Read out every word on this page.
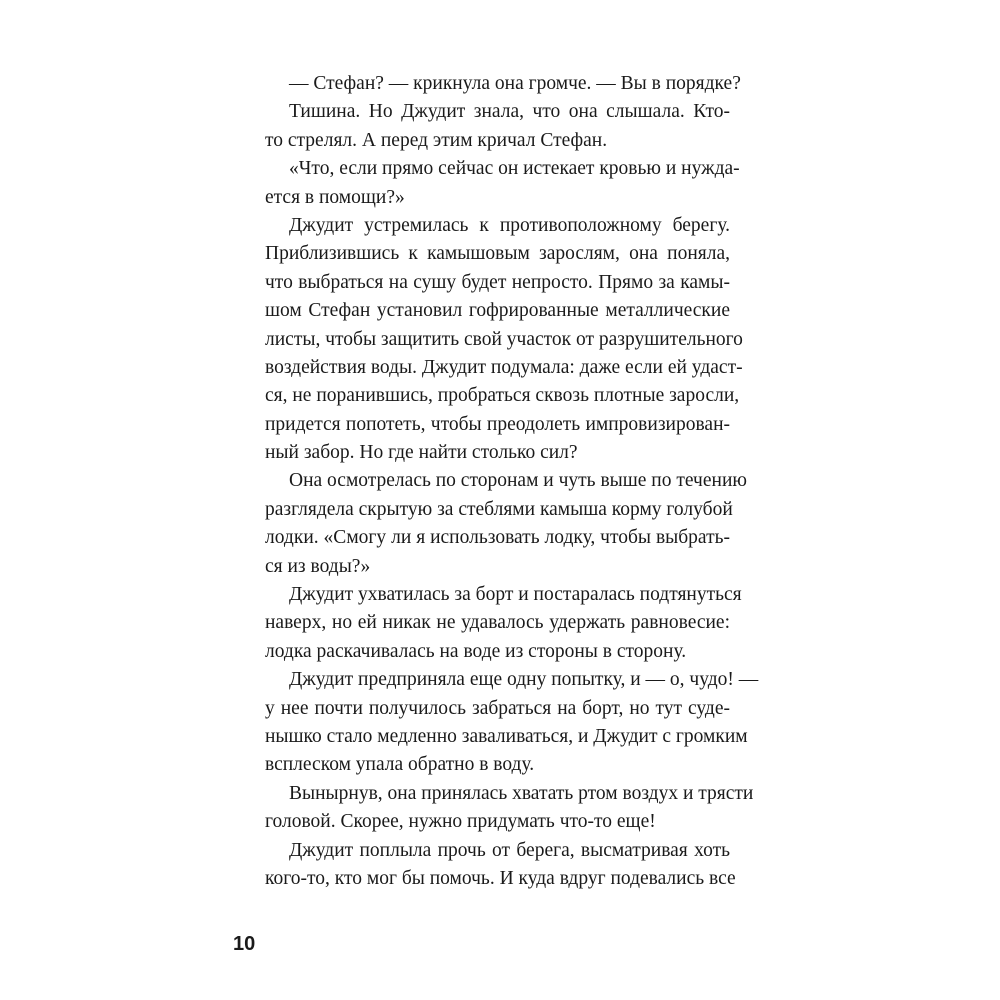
— Стефан? — крикнула она громче. — Вы в порядке?
Тишина. Но Джудит знала, что она слышала. Кто-
то стрелял. А перед этим кричал Стефан.
«Что, если прямо сейчас он истекает кровью и нужда-
ется в помощи?»
Джудит устремилась к противоположному берегу.
Приблизившись к камышовым зарослям, она поняла,
что выбраться на сушу будет непросто. Прямо за камы-
шом Стефан установил гофрированные металлические
листы, чтобы защитить свой участок от разрушительного
воздействия воды. Джудит подумала: даже если ей удаст-
ся, не поранившись, пробраться сквозь плотные заросли,
придется попотеть, чтобы преодолеть импровизирован-
ный забор. Но где найти столько сил?
Она осмотрелась по сторонам и чуть выше по течению
разглядела скрытую за стеблями камыша корму голубой
лодки. «Смогу ли я использовать лодку, чтобы выбрать-
ся из воды?»
Джудит ухватилась за борт и постаралась подтянуться
наверх, но ей никак не удавалось удержать равновесие:
лодка раскачивалась на воде из стороны в сторону.
Джудит предприняла еще одну попытку, и — о, чудо! —
у нее почти получилось забраться на борт, но тут суде-
нышко стало медленно заваливаться, и Джудит с громким
всплеском упала обратно в воду.
Вынырнув, она принялась хватать ртом воздух и трясти
головой. Скорее, нужно придумать что-то еще!
Джудит поплыла прочь от берега, высматривая хоть
кого-то, кто мог бы помочь. И куда вдруг подевались все
10
